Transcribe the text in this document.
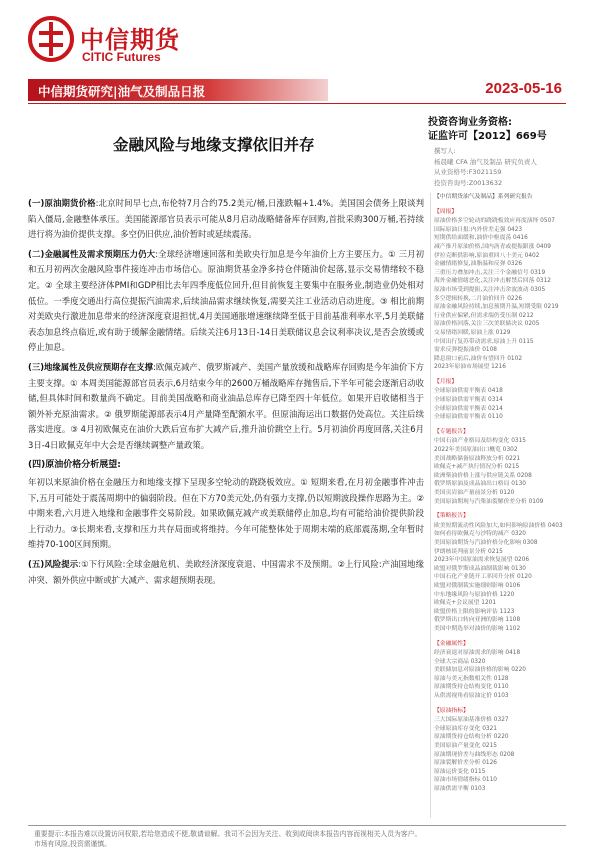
中信期货
CITIC Futures
中信期货研究|油气及制品日报	2023-05-16
投资咨询业务资格:
证监许可【2012】669号
金融风险与地缘支撑依旧并存	撰写人:
杨晨曦 CFA 油气及制品 研究负责人
从业资格号:F3021159
投资咨询号:Z0013632

(一)原油期货价格:北京时间早七点,布伦特7月合约75.2美元/桶,日涨跌幅+1.4%。美国国会债务上限谈判陷入僵局,金融整体承压。美国能源部官员表示可能从8月启动战略储备库存回购,首批采购300万桶,若持续进行将为油价提供支撑。多空仍旧供应,油价暂时或延续震荡。

(二)金融属性及需求预期压力仍大:全球经济增速回落和美欧央行加息是今年油价上方主要压力。① 三月初和五月初两次金融风险事件接连冲击市场信心。原油期货基金净多持仓伴随油价起落,显示交易情绪较不稳定。② 全球主要经济体PMI和GDP相比去年四季度低位回升,但目前恢复主要集中在服务业,制造业仍处相对低位。一季度交通出行高位提振汽油需求,后续油品需求继续恢复,需要关注工业活动启动进度。③ 相比前期对美欧央行激进加息带来的经济深度衰退担忧,4月美国通胀增速继续降至低于目前基准利率水平,5月美联储表态加息终点临近,或有助于缓解金融情绪。后续关注6月13日-14日美联储议息会议利率决议,是否会放缓或停止加息。

(三)地缘属性及供应预期存在支撑:欧佩克减产、俄罗斯减产、美国产量放缓和战略库存回购是今年油价下方主要支撑。① 本周美国能源部官员表示,6月结束今年的2600万桶战略库存抛售后,下半年可能会逐渐启动收储,但具体时间和数量尚不确定。目前美国战略和商业油品总库存已降至四十年低位。如果开启收储相当于额外补充原油需求。② 俄罗斯能源部表示4月产量降至配额水平。但原油海运出口数据仍处高位。关注后续落实进度。③ 4月初欧佩克在油价大跌后宣布扩大减产后,推升油价跳空上行。5月初油价再度回落,关注6月3日-4日欧佩克年中大会是否继续调整产量政策。

(四)原油价格分析展望:

年初以来原油价格在金融压力和地缘支撑下呈现多空轮动的跷跷板效应。① 短期来看,在月初金融事件冲击下,五月可能处于震荡周期中的偏弱阶段。但在下方70美元处,仍有强力支撑,仍以短期波段操作思路为主。② 中期来看,六月进入地缘和金融事件交易阶段。如果欧佩克减产或美联储停止加息,均有可能给油价提供阶段上行动力。③长期来看,支撑和压力共存局面或将维持。今年可能整体处于周期末端的底部震荡期,全年暂时维持70-100区间预期。

(五)风险提示:①下行风险:全球金融危机、美欧经济深度衰退、中国需求不及预期。②上行风险:产油国地缘冲突、额外供应中断或扩大减产、需求超预期表现。

【中信期货油气及制品】系列研究报告
【周报】
原油价格多空轮动的跷跷板效应再度演绎 0507
国际原油日报:内外价差走强 0423
短期供给面缓和,油价中枢震荡 0416
减产推升原油价格,国内沥青或提振跟涨 0409
伊拉克断供影响,原油重回八十美元 0402
金融情绪修复,油脂温和反弹 0326
三重压力叠加冲击,关注三个金融信号 0319
海外金融情绪恶化,关注冲击解禁后回落 0312
原油市场受到提振,关注冲击余波波动 0305
多空逻辑转换,二月油价回升 0226
原油金融风险持续,加息预期升温,短期受限 0219
行业供应偏紧,但需求端仍受压制 0212
原油价格回落,关注三次美联储决议 0205
交易情绪回暖,原油上涨 0129
中国出行复苏带动需求,原油上升 0115
需求反弹提振油价 0108
降息窗口前后,油价有望回升 0102
2023年原油市场展望 1216
【月报】
全球原油供需平衡表 0418
全球原油供需平衡表 0314
全球原油供需平衡表 0214
全球原油供需平衡表 0110
【专题报告】
中国石油产业格局及结构变化 0315
2022年美国原油出口概览 0302
美国战略储备原油释放分析 0221
欧佩克+减产执行情况分析 0215
欧洲柴油价格上涨与供应链关系 0208
俄罗斯原油及成品油出口格局 0130
美国页岩油产量前景分析 0120
美国原油期现与汽柴油裂解价差分析 0109
【策略报告】
欧美短期流动性风险加大,如何影响原油价格 0403
如何看待欧佩克与沙特的减产 0320
美国原油期货与汽油价格分化影响 0308
伊朗核谈判前景分析 0215
2023年中国原油需求恢复展望 0206
欧盟对俄罗斯成品油制裁影响 0130
中国石化产业链开工率回升分析 0120
欧盟对俄制裁实施细则影响 0106
中东地缘风险与原油价格 1220
欧佩克+会议展望 1201
欧盟价格上限的影响评估 1123
俄罗斯出口转向亚洲的影响 1108
美国中期选举对油价的影响 1102
【金融属性】
经济衰退对原油需求的影响 0418
全球大宗商品 0320
美联储加息对原油价格的影响 0220
原油与美元指数相关性 0128
原油期货持仓结构变化 0110
从供需视角看原油定价 0103
【原油指标】
三大国际原油基准价格 0327
全球原油库存变化 0321
原油期货持仓结构分析 0220
美国原油产量变化 0215
原油期现价差与曲线形态 0208
原油裂解价差分析 0126
原油运价变化 0115
原油市场情绪指标 0110
原油供需平衡 0103
重要提示:本报告难以设置访问权限,若给您造成不便,敬请谅解。我司不会因为关注、收到或阅读本报告内容而视相关人员为客户。市场有风险,投资需谨慎。
